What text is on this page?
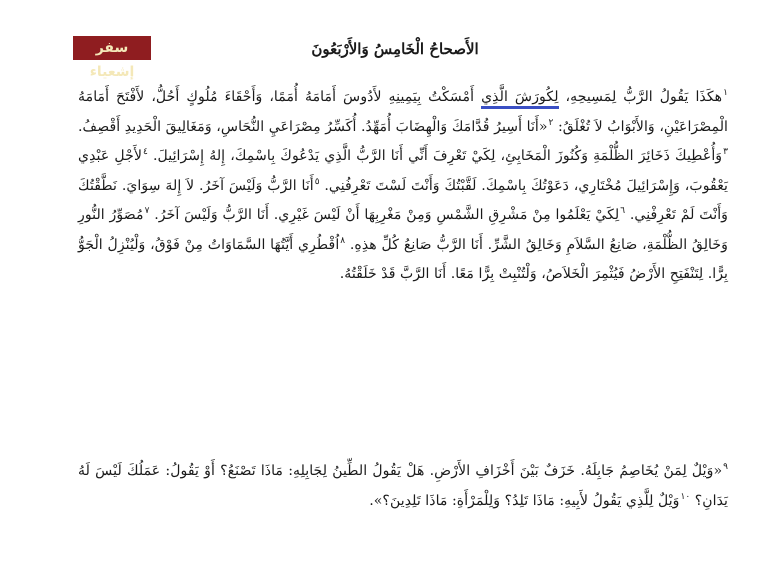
سفر إشعياء
الأَصحاحُ الْخَامِسُ وَالأَرْبَعُونَ
$^١$هكَذَا يَقُولُ الرَّبُّ لِمَسِيحِهِ، لِكُورَشَ الَّذِي أَمْسَكْتُ بِيَمِينِهِ لأَدُوسَ أَمَامَهُ أُمَمًا، وَأَحْقَاءَ مُلُوكٍ أَحُلُّ، لأَفْتَحَ أَمَامَهُ الْمِصْرَاعَيْنِ، وَالأَبْوَابُ لاَ تُغْلَقُ: $^٢$«أَنَا أَسِيرُ قُدَّامَكَ وَالْهِضَابَ أُمَهِّدُ. أُكَسِّرُ مِصْرَاعَيِ النُّحَاسِ، وَمَغَالِيقَ الْحَدِيدِ أَقْصِفُ. $^٣$وَأُعْطِيكَ ذَخَائِرَ الظُّلْمَةِ وَكُنُوزَ الْمَخَابِئِ، لِكَيْ تَعْرِفَ أَنِّي أَنَا الرَّبُّ الَّذِي يَدْعُوكَ بِاسْمِكَ، إِلهُ إِسْرَائِيلَ. $^٤$لأَجْلِ عَبْدِي يَعْقُوبَ، وَإِسْرَائِيلَ مُخْتَارِي، دَعَوْتُكَ بِاسْمِكَ. لَقَّبْتُكَ وَأَنْتَ لَسْتَ تَعْرِفُنِي. $^٥$أَنَا الرَّبُّ وَلَيْسَ آخَرُ. لاَ إِلهَ سِوَايَ. نَطَّقْتُكَ وَأَنْتَ لَمْ تَعْرِفْنِي. $^٦$لِكَيْ يَعْلَمُوا مِنْ مَشْرِقِ الشَّمْسِ وَمِنْ مَغْرِبِهَا أَنْ لَيْسَ غَيْرِي. أَنَا الرَّبُّ وَلَيْسَ آخَرُ. $^٧$مُصَوِّرُ النُّورِ وَخَالِقُ الظُّلْمَةِ، صَانِعُ السَّلاَمِ وَخَالِقُ الشَّرِّ. أَنَا الرَّبُّ صَانِعُ كُلِّ هذِهِ. $^٨$اُقْطُرِي أَيَّتُهَا السَّمَاوَاتُ مِنْ فَوْقُ، وَلْيُنْزِلُ الْجَوُّ بِرًّا. لِتَنْفَتِحِ الأَرْضُ فَيُثْمِرَ الْخَلاَصُ، وَلْتُنْبِتْ بِرًّا مَعًا. أَنَا الرَّبَّ قَدْ خَلَقْتُهُ.
$^٩$«وَيْلٌ لِمَنْ يُخَاصِمُ جَابِلَهُ. خَزَفٌ بَيْنَ أَخْزَافِ الأَرْضِ. هَلْ يَقُولُ الطِّينُ لِجَابِلِهِ: مَاذَا تَصْنَعُ؟ أَوْ يَقُولُ: عَمَلُكَ لَيْسَ لَهُ يَدَانِ؟ $^{١٠}$وَيْلٌ لِلَّذِي يَقُولُ لأَبِيهِ: مَاذَا تَلِدُ؟ وَلِلْمَرْأَةِ: مَاذَا تَلِدِينَ؟».
